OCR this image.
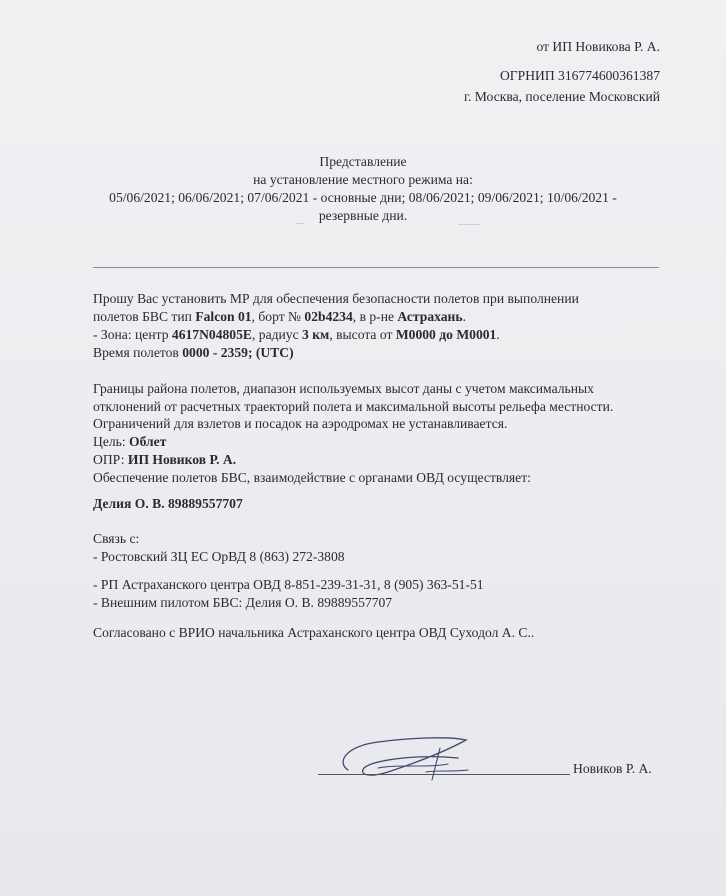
от ИП Новикова Р. А.
ОГРНИП 316774600361387
г. Москва, поселение Московский
Представление
на установление местного режима на:
05/06/2021; 06/06/2021; 07/06/2021 - основные дни; 08/06/2021; 09/06/2021; 10/06/2021 -
резервные дни.
Прошу Вас установить МР для обеспечения безопасности полетов при выполнении
полетов БВС тип Falcon 01, борт № 02b4234, в р-не Астрахань.
- Зона: центр 4617N04805E, радиус 3 км, высота от М0000 до М0001.
Время полетов 0000 - 2359; (UTC)
Границы района полетов, диапазон используемых высот даны с учетом максимальных
отклонений от расчетных траекторий полета и максимальной высоты рельефа местности.
Ограничений для взлетов и посадок на аэродромах не устанавливается.
Цель: Облет
ОПР: ИП Новиков Р. А.
Обеспечение полетов БВС, взаимодействие с органами ОВД осуществляет:
Делия О. В. 89889557707
Связь с:
- Ростовский ЗЦ ЕС ОрВД 8 (863) 272-3808
- РП Астраханского центра ОВД 8-851-239-31-31, 8 (905) 363-51-51
- Внешним пилотом БВС: Делия О. В. 89889557707
Согласовано с ВРИО начальника Астраханского центра ОВД Суходол А. С..
Новиков Р. А.
